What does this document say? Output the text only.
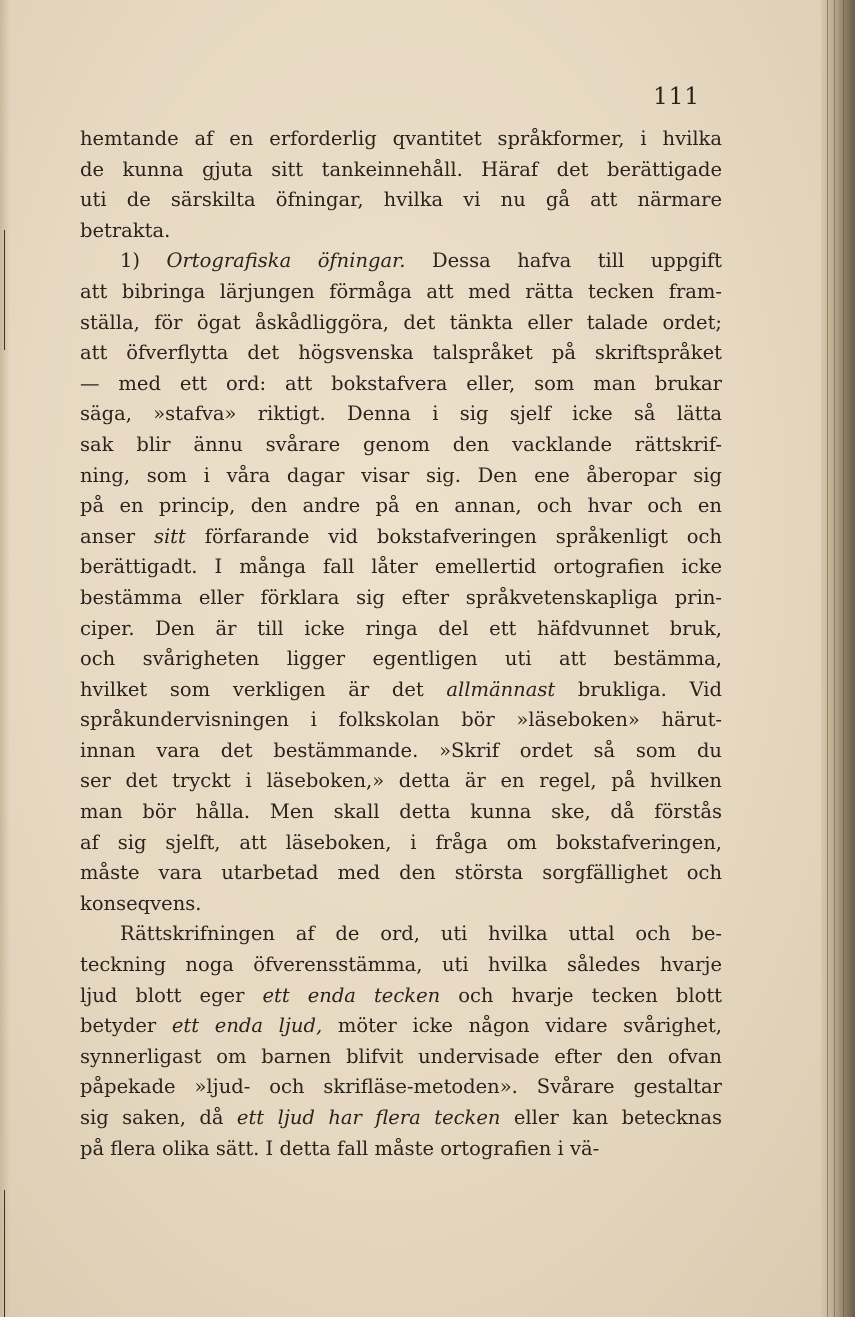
111
hemtande af en erforderlig qvantitet språkformer, i hvilka
de kunna gjuta sitt tankeinnehåll. Häraf det berättigade
uti de särskilta öfningar, hvilka vi nu gå att närmare
betrakta.
1) Ortografiska öfningar. Dessa hafva till uppgift
att bibringa lärjungen förmåga att med rätta tecken fram-
ställa, för ögat åskådliggöra, det tänkta eller talade ordet;
att öfverflytta det högsvenska talspråket på skriftspråket
— med ett ord: att bokstafvera eller, som man brukar
säga, »stafva» riktigt. Denna i sig sjelf icke så lätta
sak blir ännu svårare genom den vacklande rättskrif-
ning, som i våra dagar visar sig. Den ene åberopar sig
på en princip, den andre på en annan, och hvar och en
anser sitt förfarande vid bokstafveringen språkenligt och
berättigadt. I många fall låter emellertid ortografien icke
bestämma eller förklara sig efter språkvetenskapliga prin-
ciper. Den är till icke ringa del ett häfdvunnet bruk,
och svårigheten ligger egentligen uti att bestämma,
hvilket som verkligen är det allmännast brukliga. Vid
språkundervisningen i folkskolan bör »läseboken» härut-
innan vara det bestämmande. »Skrif ordet så som du
ser det tryckt i läseboken,» detta är en regel, på hvilken
man bör hålla. Men skall detta kunna ske, då förstås
af sig sjelft, att läseboken, i fråga om bokstafveringen,
måste vara utarbetad med den största sorgfällighet och
konseqvens.
Rättskrifningen af de ord, uti hvilka uttal och be-
teckning noga öfverensstämma, uti hvilka således hvarje
ljud blott eger ett enda tecken och hvarje tecken blott
betyder ett enda ljud, möter icke någon vidare svårighet,
synnerligast om barnen blifvit undervisade efter den ofvan
påpekade »ljud- och skrifläse-metoden». Svårare gestaltar
sig saken, då ett ljud har flera tecken eller kan betecknas
på flera olika sätt. I detta fall måste ortografien i vä-
